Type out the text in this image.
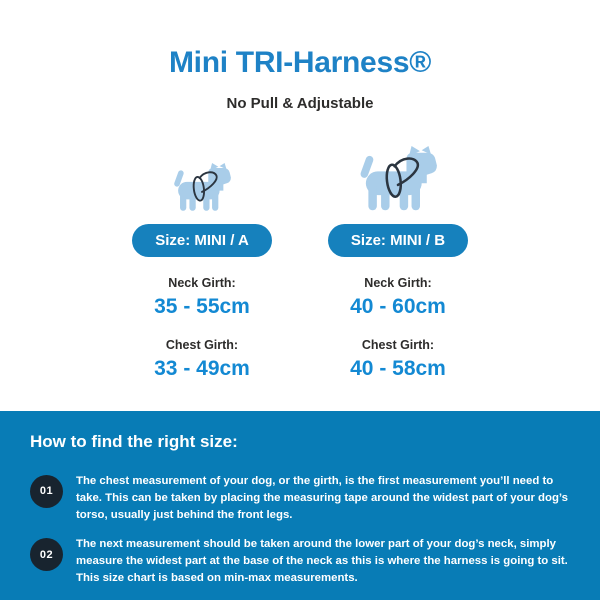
Mini TRI-Harness®

No Pull & Adjustable

Size: MINI / A
Neck Girth:
35 - 55cm
Chest Girth:
33 - 49cm
Size: MINI / B
Neck Girth:
40 - 60cm
Chest Girth:
40 - 58cm
How to find the right size:
01

The chest measurement of your dog, or the girth, is the first measurement you’ll need to take. This can be taken by placing the measuring tape around the widest part of your dog’s torso, usually just behind the front legs.

02

The next measurement should be taken around the lower part of your dog’s neck, simply measure the widest part at the base of the neck as this is where the harness is going to sit. This size chart is based on min-max measurements.
